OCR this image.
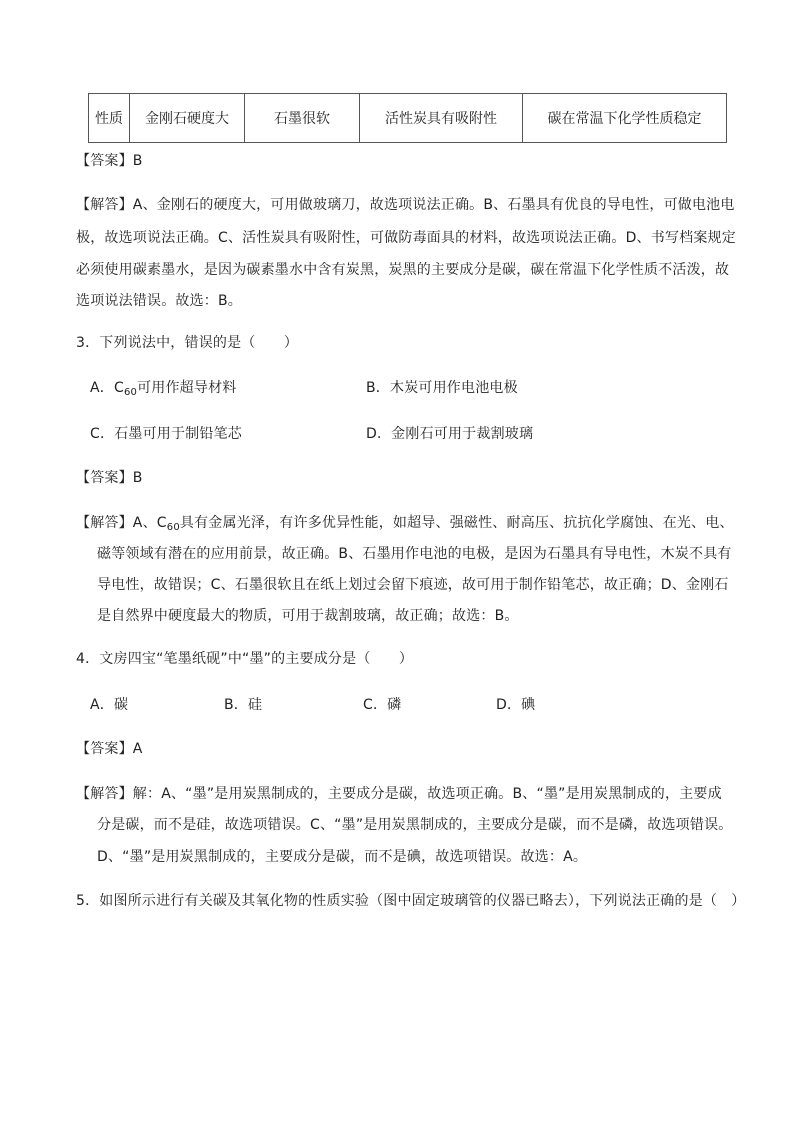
性质	金刚石硬度大	石墨很软	活性炭具有吸附性	碳在常温下化学性质稳定
【答案】B
【解答】A、金刚石的硬度大，可用做玻璃刀，故选项说法正确。B、石墨具有优良的导电性，可做电池电
极，故选项说法正确。C、活性炭具有吸附性，可做防毒面具的材料，故选项说法正确。D、书写档案规定
必须使用碳素墨水，是因为碳素墨水中含有炭黑，炭黑的主要成分是碳，碳在常温下化学性质不活泼，故
选项说法错误。故选：B。
3．下列说法中，错误的是（　　）
A．$C_{60}$可用作超导材料	B．木炭可用作电池电极
C．石墨可用于制铅笔芯	D．金刚石可用于裁割玻璃
【答案】B
【解答】A、$C_{60}$具有金属光泽，有许多优异性能，如超导、强磁性、耐高压、抗抗化学腐蚀、在光、电、
磁等领域有潜在的应用前景，故正确。B、石墨用作电池的电极，是因为石墨具有导电性，木炭不具有
导电性，故错误；C、石墨很软且在纸上划过会留下痕迹，故可用于制作铅笔芯，故正确；D、金刚石
是自然界中硬度最大的物质，可用于裁割玻璃，故正确；故选：B。
4．文房四宝“笔墨纸砚”中“墨”的主要成分是（　　）
A．碳	B．硅	C．磷	D．碘
【答案】A
【解答】解：A、“墨”是用炭黑制成的，主要成分是碳，故选项正确。B、“墨”是用炭黑制成的，主要成
分是碳，而不是硅，故选项错误。C、“墨”是用炭黑制成的，主要成分是碳，而不是磷，故选项错误。
D、“墨”是用炭黑制成的，主要成分是碳，而不是碘，故选项错误。故选：A。
5．如图所示进行有关碳及其氧化物的性质实验（图中固定玻璃管的仪器已略去），下列说法正确的是（　）
